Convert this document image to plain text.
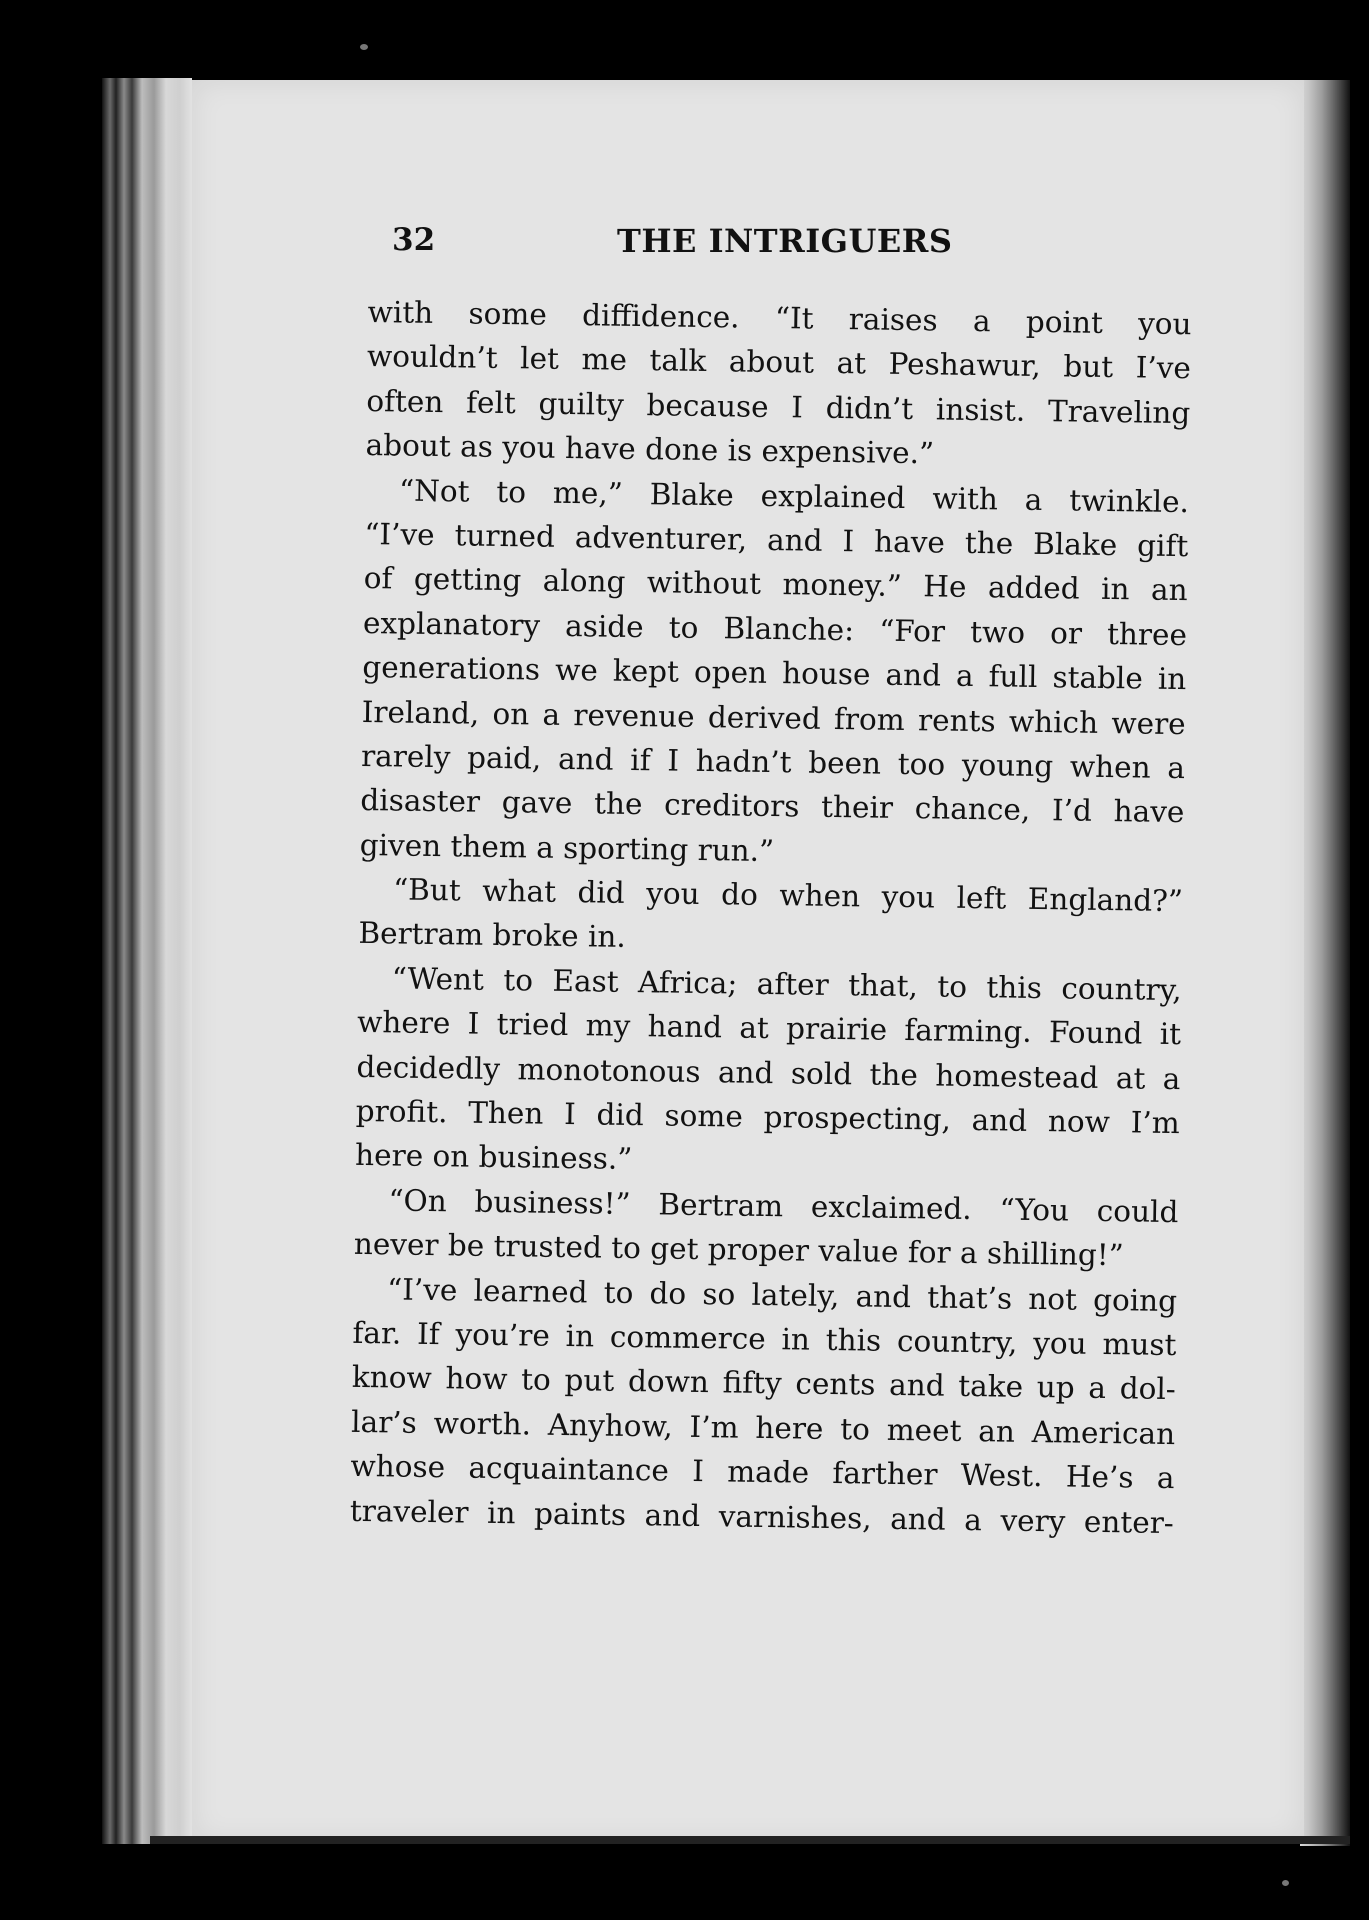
32	THE INTRIGUERS
with some diffidence. “It raises a point you
wouldn’t let me talk about at Peshawur, but I’ve
often felt guilty because I didn’t insist. Traveling
about as you have done is expensive.”
“Not to me,” Blake explained with a twinkle.
“I’ve turned adventurer, and I have the Blake gift
of getting along without money.” He added in an
explanatory aside to Blanche: “For two or three
generations we kept open house and a full stable in
Ireland, on a revenue derived from rents which were
rarely paid, and if I hadn’t been too young when a
disaster gave the creditors their chance, I’d have
given them a sporting run.”
“But what did you do when you left England?”
Bertram broke in.
“Went to East Africa; after that, to this country,
where I tried my hand at prairie farming. Found it
decidedly monotonous and sold the homestead at a
profit. Then I did some prospecting, and now I’m
here on business.”
“On business!” Bertram exclaimed. “You could
never be trusted to get proper value for a shilling!”
“I’ve learned to do so lately, and that’s not going
far. If you’re in commerce in this country, you must
know how to put down fifty cents and take up a dol-
lar’s worth. Anyhow, I’m here to meet an American
whose acquaintance I made farther West. He’s a
traveler in paints and varnishes, and a very enter-
